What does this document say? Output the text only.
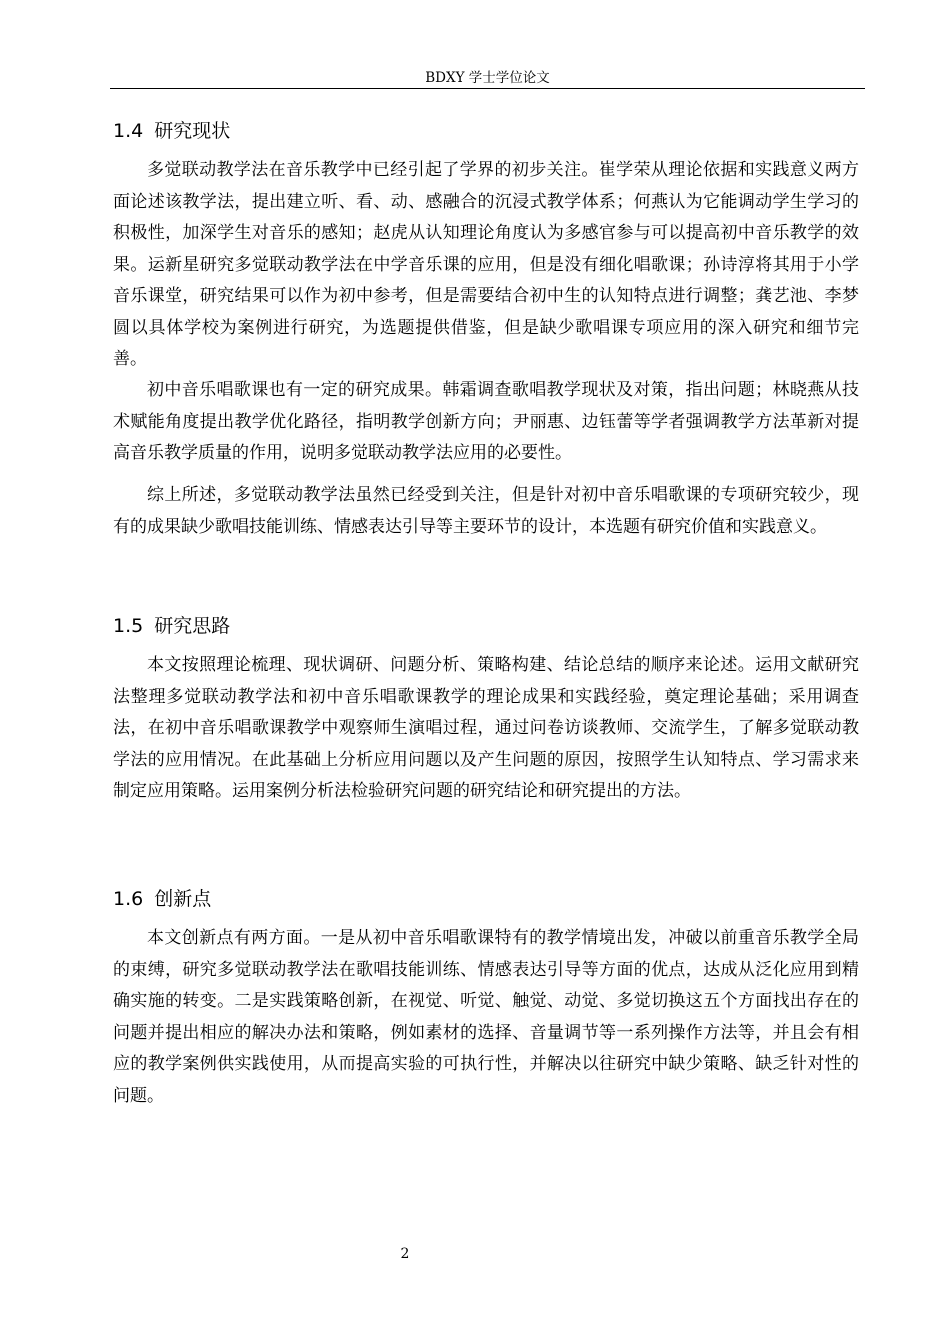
BDXY 学士学位论文
1.4 研究现状

多觉联动教学法在音乐教学中已经引起了学界的初步关注。崔学荣从理论依据和实践意义两方面论述该教学法，提出建立听、看、动、感融合的沉浸式教学体系；何燕认为它能调动学生学习的积极性，加深学生对音乐的感知；赵虎从认知理论角度认为多感官参与可以提高初中音乐教学的效果。运新星研究多觉联动教学法在中学音乐课的应用，但是没有细化唱歌课；孙诗淳将其用于小学音乐课堂，研究结果可以作为初中参考，但是需要结合初中生的认知特点进行调整；龚艺池、李梦圆以具体学校为案例进行研究，为选题提供借鉴，但是缺少歌唱课专项应用的深入研究和细节完善。

初中音乐唱歌课也有一定的研究成果。韩霜调查歌唱教学现状及对策，指出问题；林晓燕从技术赋能角度提出教学优化路径，指明教学创新方向；尹丽惠、边钰蕾等学者强调教学方法革新对提高音乐教学质量的作用，说明多觉联动教学法应用的必要性。

综上所述，多觉联动教学法虽然已经受到关注，但是针对初中音乐唱歌课的专项研究较少，现有的成果缺少歌唱技能训练、情感表达引导等主要环节的设计，本选题有研究价值和实践意义。

1.5 研究思路

本文按照理论梳理、现状调研、问题分析、策略构建、结论总结的顺序来论述。运用文献研究法整理多觉联动教学法和初中音乐唱歌课教学的理论成果和实践经验，奠定理论基础；采用调查法，在初中音乐唱歌课教学中观察师生演唱过程，通过问卷访谈教师、交流学生，了解多觉联动教学法的应用情况。在此基础上分析应用问题以及产生问题的原因，按照学生认知特点、学习需求来制定应用策略。运用案例分析法检验研究问题的研究结论和研究提出的方法。

1.6 创新点

本文创新点有两方面。一是从初中音乐唱歌课特有的教学情境出发，冲破以前重音乐教学全局的束缚，研究多觉联动教学法在歌唱技能训练、情感表达引导等方面的优点，达成从泛化应用到精确实施的转变。二是实践策略创新，在视觉、听觉、触觉、动觉、多觉切换这五个方面找出存在的问题并提出相应的解决办法和策略，例如素材的选择、音量调节等一系列操作方法等，并且会有相应的教学案例供实践使用，从而提高实验的可执行性，并解决以往研究中缺少策略、缺乏针对性的问题。

2
